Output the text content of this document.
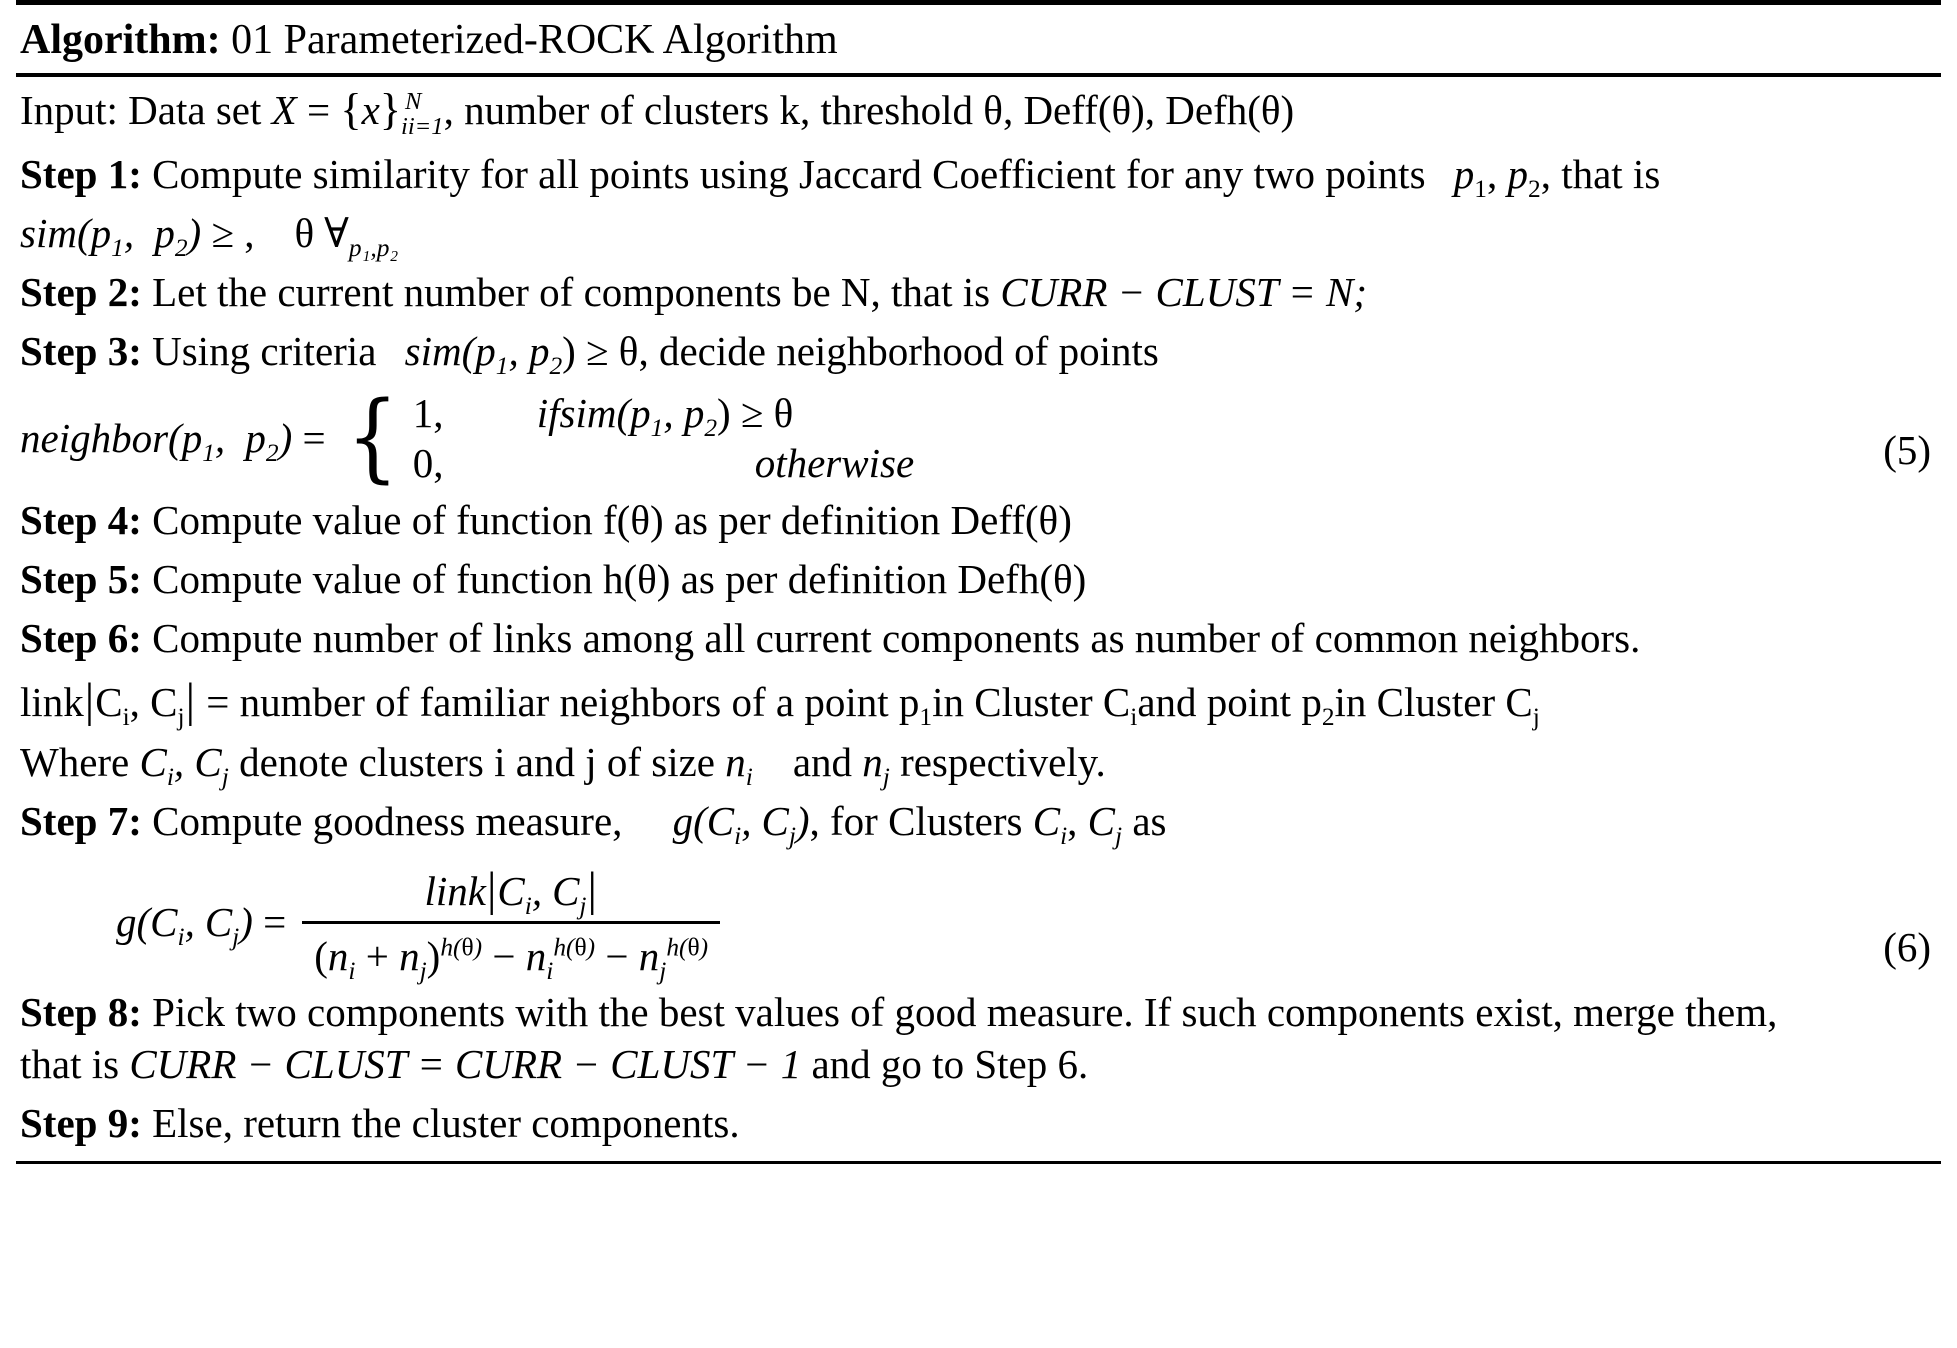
Algorithm: 01 Parameterized-ROCK Algorithm
Input: Data set X = {x} N
ii=1 , number of clusters k, threshold θ, Deff(θ), Defh(θ)
Step 1: Compute similarity for all points using Jaccard Coefficient for any two points $p_1$, $p_2$, that is
$sim(p_1$, $p_2$) ≥ , θ $\forall_{p_1,p_2}$
Step 2: Let the current number of components be N, that is CURR − CLUST = N;
Step 3: Using criteria $sim(p_1$, $p_2) \ge \theta$, decide neighborhood of points
$neighbor(p_1$, $p_2$) = { 1,	$ifsim(p_1$, $p_2) \ge \theta$
0,	otherwise	(5)
Step 4: Compute value of function f(θ) as per definition Deff(θ)
Step 5: Compute value of function h(θ) as per definition Defh(θ)
Step 6: Compute number of links among all current components as number of common neighbors.
$link|C_i$, $C_j|$ = number of familiar neighbors of a point $p_1in$ Cluster $C_iand$ point $p_2in$ Cluster $C_j$
Where $C_i$, $C_j$ denote clusters i and j of size $n_i$ and $n_j$ respectively.
Step 7: Compute goodness measure, $g(C_i$, $C_j$), for Clusters $C_i$, $C_j$ as
$g(C_i$, $C_j) = \frac{link|C_i, C_j|}{(n_i + n_j)^{h(\theta)} - n_i^{h(\theta)} - n_j^{h(\theta)}}$	(6)
Step 8: Pick two components with the best values of good measure. If such components exist, merge them,
that is CURR − CLUST = CURR − CLUST − 1 and go to Step 6.
Step 9: Else, return the cluster components.
